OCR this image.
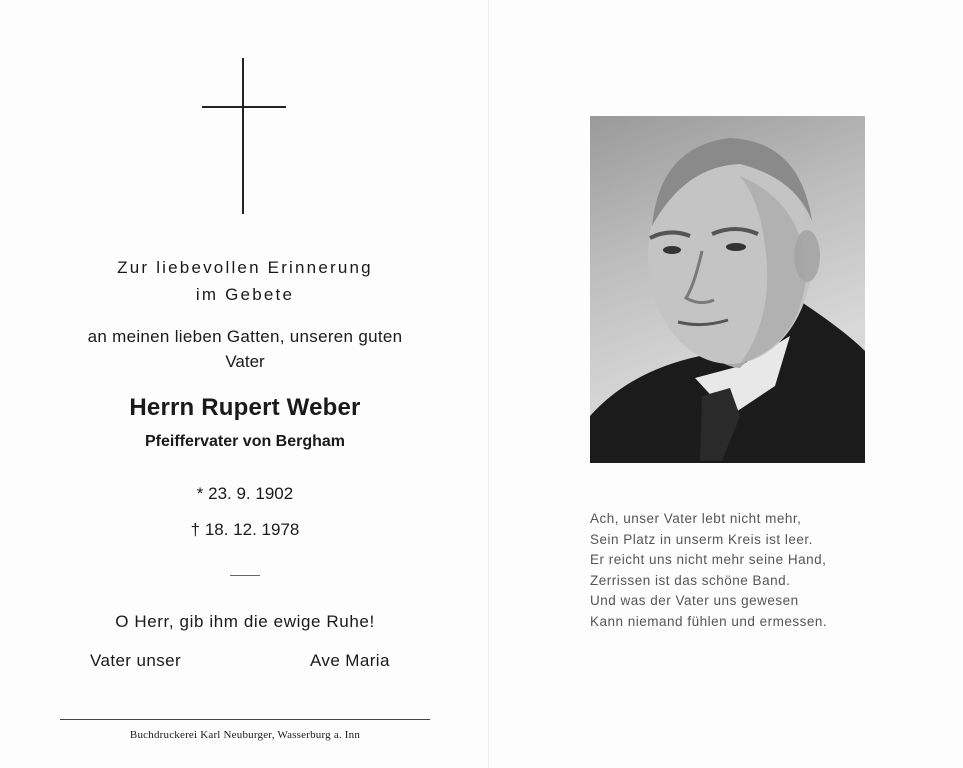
Zur liebevollen Erinnerung
im Gebete
an meinen lieben Gatten, unseren guten
Vater
Herrn Rupert Weber
Pfeiffervater von Bergham
* 23. 9. 1902
† 18. 12. 1978
O Herr, gib ihm die ewige Ruhe!
Vater unser	Ave Maria
Buchdruckerei Karl Neuburger, Wasserburg a. Inn
Ach, unser Vater lebt nicht mehr,
Sein Platz in unserm Kreis ist leer.
Er reicht uns nicht mehr seine Hand,
Zerrissen ist das schöne Band.
Und was der Vater uns gewesen
Kann niemand fühlen und ermessen.
